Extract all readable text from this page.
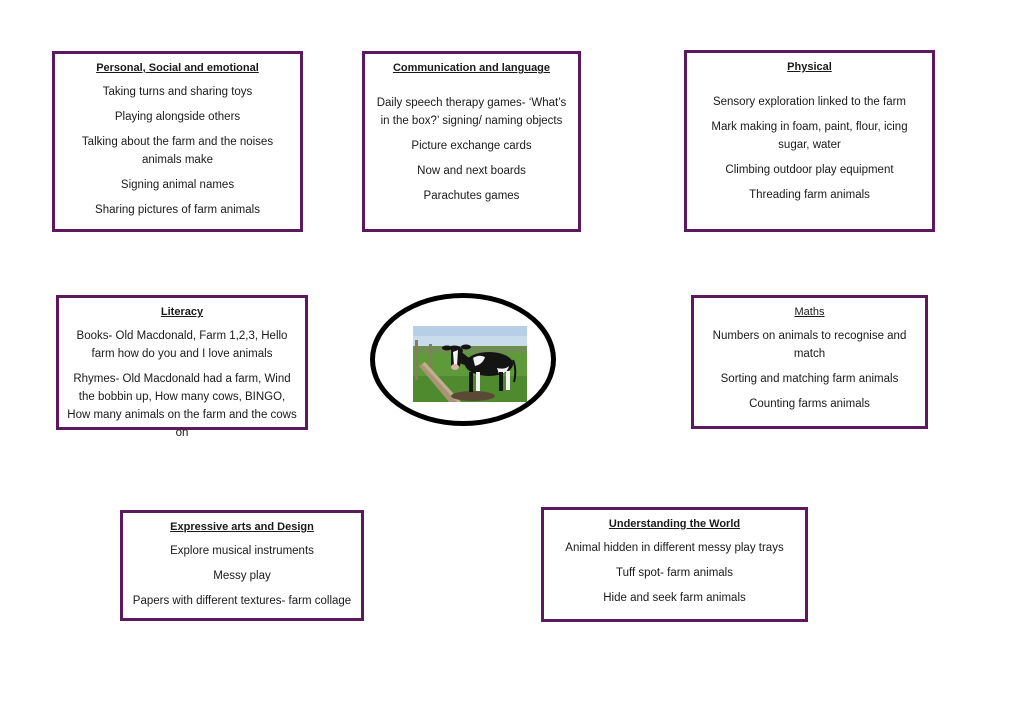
Personal, Social and emotional
Taking turns and sharing toys
Playing alongside others
Talking about the farm and the noises animals make
Signing animal names
Sharing pictures of farm animals
Communication and language
Daily speech therapy games- ‘What’s in the box?’ signing/ naming objects
Picture exchange cards
Now and next boards
Parachutes games
Physical
Sensory exploration linked to the farm
Mark making in foam, paint, flour, icing sugar, water
Climbing outdoor play equipment
Threading farm animals
Literacy
Books- Old Macdonald, Farm 1,2,3, Hello farm how do you and I love animals
Rhymes- Old Macdonald had a farm, Wind the bobbin up, How many cows, BINGO, How many animals on the farm and the cows on
Maths
Numbers on animals to recognise and match
Sorting and matching farm animals
Counting farms animals
Expressive arts and Design
Explore musical instruments
Messy play
Papers with different textures- farm collage
Understanding the World
Animal hidden in different messy play trays
Tuff spot- farm animals
Hide and seek farm animals
